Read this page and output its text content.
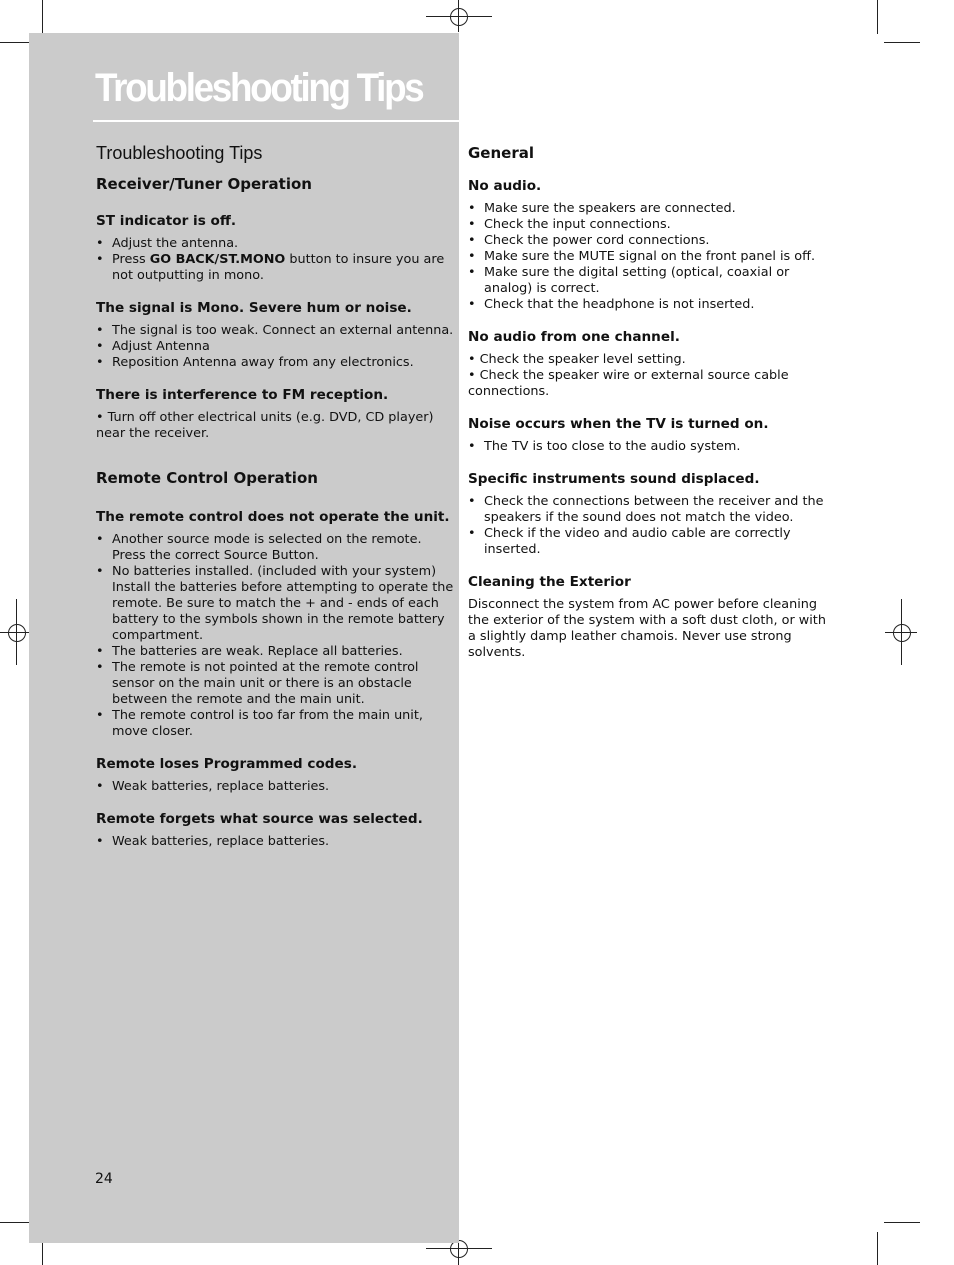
Troubleshooting Tips
Troubleshooting Tips
Receiver/Tuner Operation

ST indicator is off.

• Adjust the antenna.
• Press GO BACK/ST.MONO button to insure you are not outputting in mono.

The signal is Mono. Severe hum or noise.

• The signal is too weak. Connect an external antenna.
• Adjust Antenna
• Reposition Antenna away from any electronics.

There is interference to FM reception.

• Turn off other electrical units (e.g. DVD, CD player) near the receiver.

Remote Control Operation

The remote control does not operate the unit.

• Another source mode is selected on the remote. Press the correct Source Button.
• No batteries installed. (included with your system) Install the batteries before attempting to operate the remote. Be sure to match the + and - ends of each battery to the symbols shown in the remote battery compartment.
• The batteries are weak. Replace all batteries.
• The remote is not pointed at the remote control sensor on the main unit or there is an obstacle between the remote and the main unit.
• The remote control is too far from the main unit, move closer.

Remote loses Programmed codes.

• Weak batteries, replace batteries.

Remote forgets what source was selected.

• Weak batteries, replace batteries.
General

No audio.

• Make sure the speakers are connected.
• Check the input connections.
• Check the power cord connections.
• Make sure the MUTE signal on the front panel is off.
• Make sure the digital setting (optical, coaxial or analog) is correct.
• Check that the headphone is not inserted.

No audio from one channel.

• Check the speaker level setting.

• Check the speaker wire or external source cable connections.

Noise occurs when the TV is turned on.

• The TV is too close to the audio system.

Specific instruments sound displaced.

• Check the connections between the receiver and the speakers if the sound does not match the video.
• Check if the video and audio cable are correctly inserted.

Cleaning the Exterior

Disconnect the system from AC power before cleaning the exterior of the system with a soft dust cloth, or with a slightly damp leather chamois. Never use strong solvents.

24
